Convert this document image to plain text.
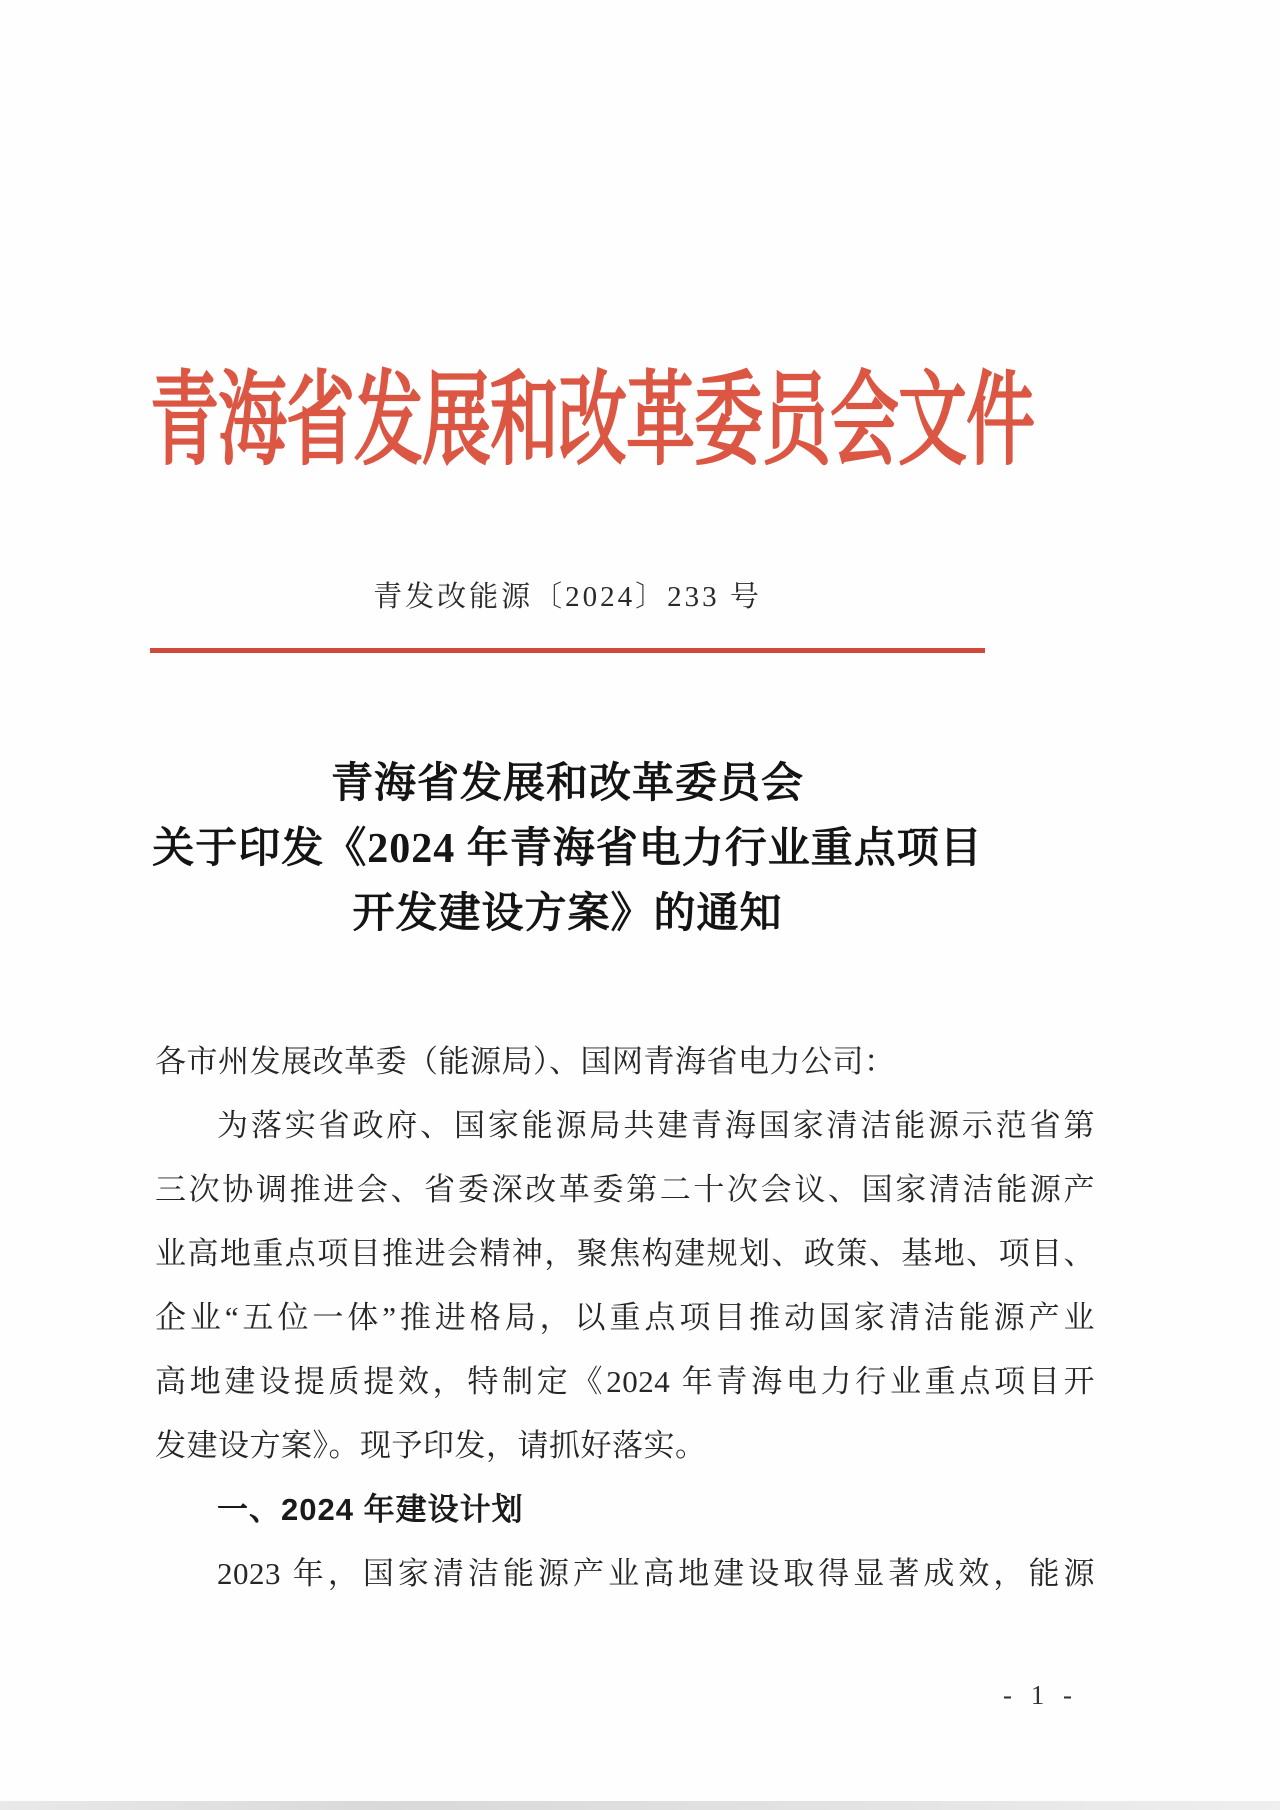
青海省发展和改革委员会文件
青发改能源〔2024〕233 号
青海省发展和改革委员会
关于印发《2024 年青海省电力行业重点项目
开发建设方案》的通知
各市州发展改革委（能源局）、国网青海省电力公司：
为落实省政府、国家能源局共建青海国家清洁能源示范省第
三次协调推进会、省委深改革委第二十次会议、国家清洁能源产
业高地重点项目推进会精神，聚焦构建规划、政策、基地、项目、
企业“五位一体”推进格局，以重点项目推动国家清洁能源产业
高地建设提质提效，特制定《2024 年青海电力行业重点项目开
发建设方案》。现予印发，请抓好落实。
一、2024 年建设计划
2023 年，国家清洁能源产业高地建设取得显著成效，能源
- 1 -
